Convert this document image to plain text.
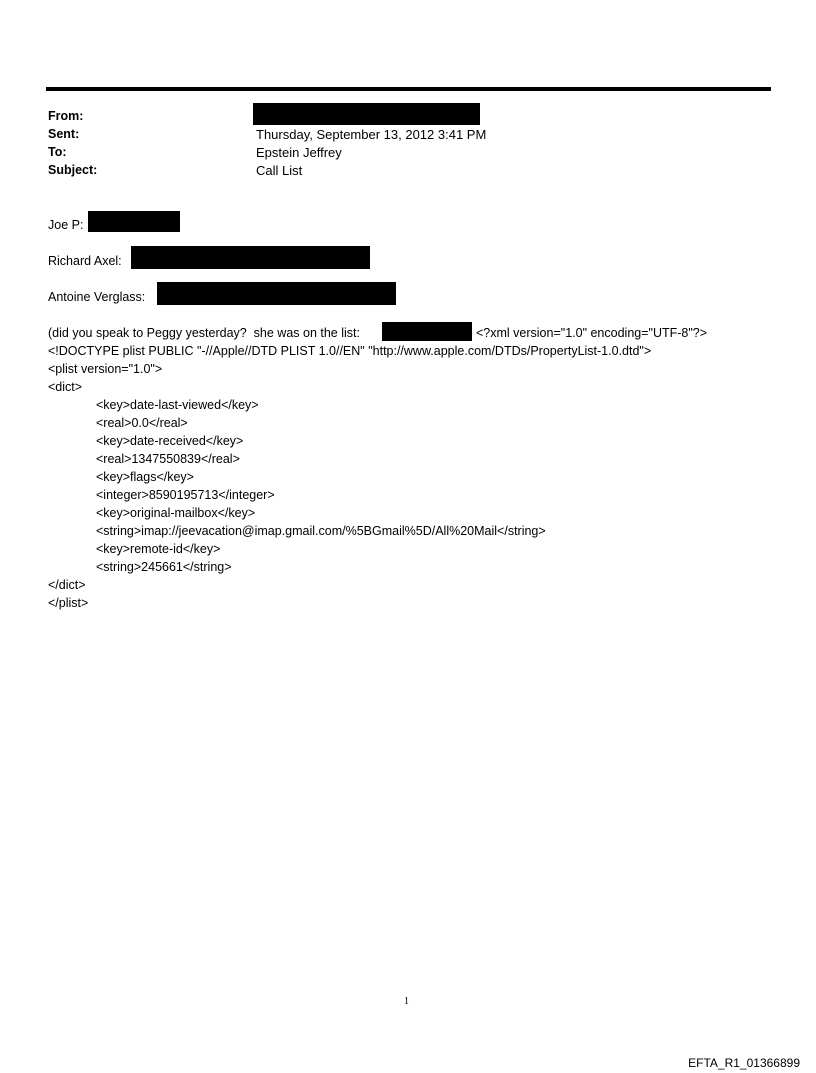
From:
Sent:	Thursday, September 13, 2012 3:41 PM
To:	Epstein Jeffrey
Subject:	Call List
Joe P:
Richard Axel:
Antoine Verglass:
(did you speak to Peggy yesterday?  she was on the list:	<?xml version="1.0" encoding="UTF-8"?>
<!DOCTYPE plist PUBLIC "-//Apple//DTD PLIST 1.0//EN" "http://www.apple.com/DTDs/PropertyList-1.0.dtd">
<plist version="1.0">
<dict>
<key>date-last-viewed</key>
<real>0.0</real>
<key>date-received</key>
<real>1347550839</real>
<key>flags</key>
<integer>8590195713</integer>
<key>original-mailbox</key>
<string>imap://jeevacation@imap.gmail.com/%5BGmail%5D/All%20Mail</string>
<key>remote-id</key>
<string>245661</string>
</dict>
</plist>
1
EFTA_R1_01366899
